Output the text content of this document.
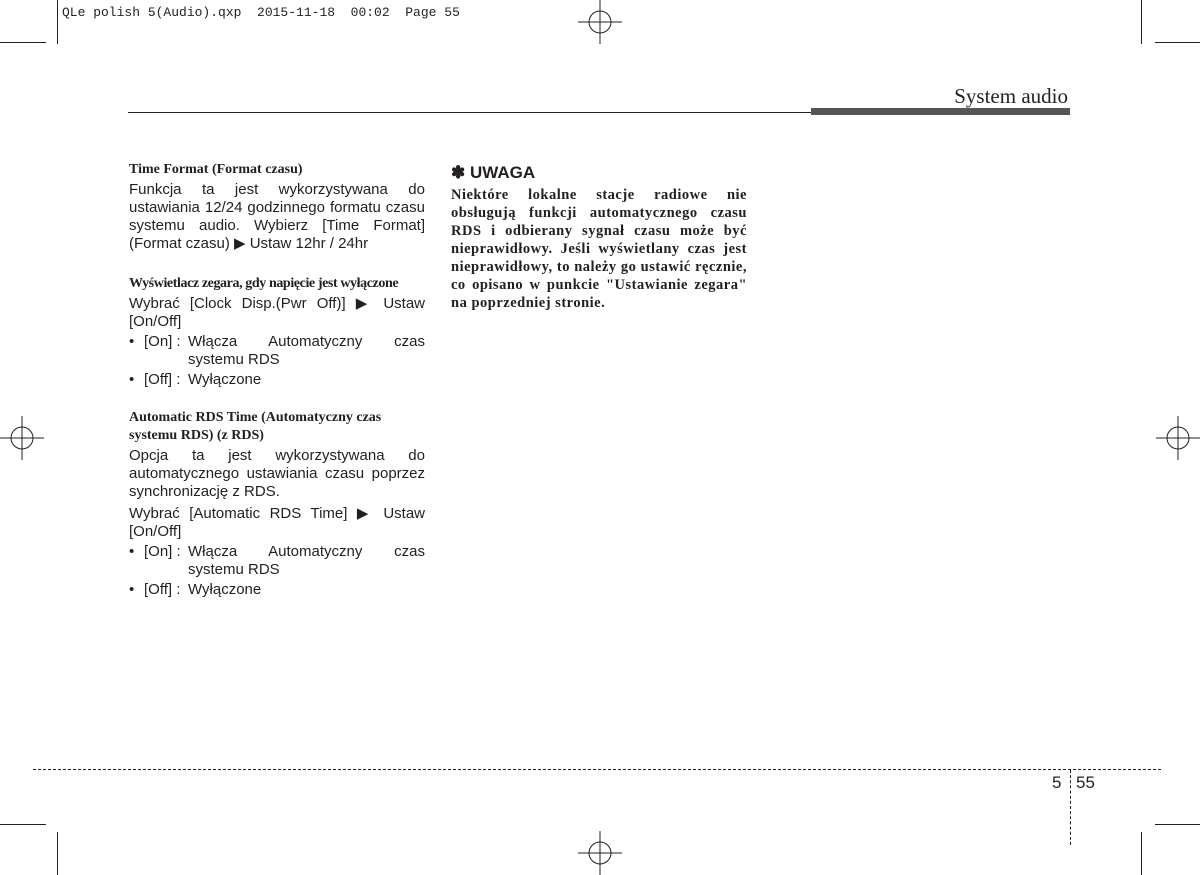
QLe polish 5(Audio).qxp  2015-11-18  00:02  Page 55
System audio
Time Format (Format czasu)

Funkcja ta jest wykorzystywana do ustawiania 12/24 godzinnego formatu czasu systemu audio. Wybierz [Time Format] (Format czasu) ▶ Ustaw 12hr / 24hr

Wyświetlacz zegara, gdy napięcie jest wyłączone

Wybrać [Clock Disp.(Pwr Off)] ▶ Ustaw [On/Off]

• [On] : Włącza Automatyczny czas systemu RDS
• [Off] : Wyłączone
Automatic RDS Time (Automatyczny czas systemu RDS) (z RDS)

Opcja ta jest wykorzystywana do automatycznego ustawiania czasu poprzez synchronizację z RDS.

Wybrać [Automatic RDS Time] ▶ Ustaw [On/Off]

• [On] : Włącza Automatyczny czas systemu RDS
• [Off] : Wyłączone
✽ UWAGA

Niektóre lokalne stacje radiowe nie obsługują funkcji automatycznego czasu RDS i odbierany sygnał czasu może być nieprawidłowy. Jeśli wyświetlany czas jest nieprawidłowy, to należy go ustawić ręcznie, co opisano w punkcie "Ustawianie zegara" na poprzedniej stronie.

5 55
